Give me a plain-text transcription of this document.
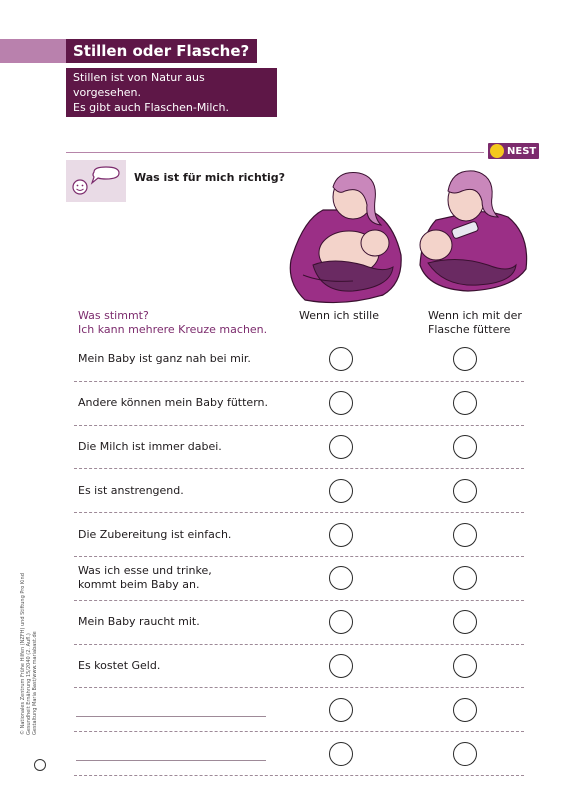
Stillen oder Flasche?
Stillen ist von Natur aus vorgesehen.
Es gibt auch Flaschen-Milch.
NEST
Was ist für mich richtig?
Was stimmt?
Ich kann mehrere Kreuze machen.
Wenn ich stille	Wenn ich mit der
Flasche füttere
Mein Baby ist ganz nah bei mir.
Andere können mein Baby füttern.
Die Milch ist immer dabei.
Es ist anstrengend.
Die Zubereitung ist einfach.
Was ich esse und trinke,
kommt beim Baby an.
Mein Baby raucht mit.
Es kostet Geld.
© Nationales Zentrum Frühe Hilfen (NZFH) und Stiftung Pro Kind Gesundheit Ernährung 15/2040 (2. Aufl.) Gestaltung Maria Bast/www.mariabast.de
